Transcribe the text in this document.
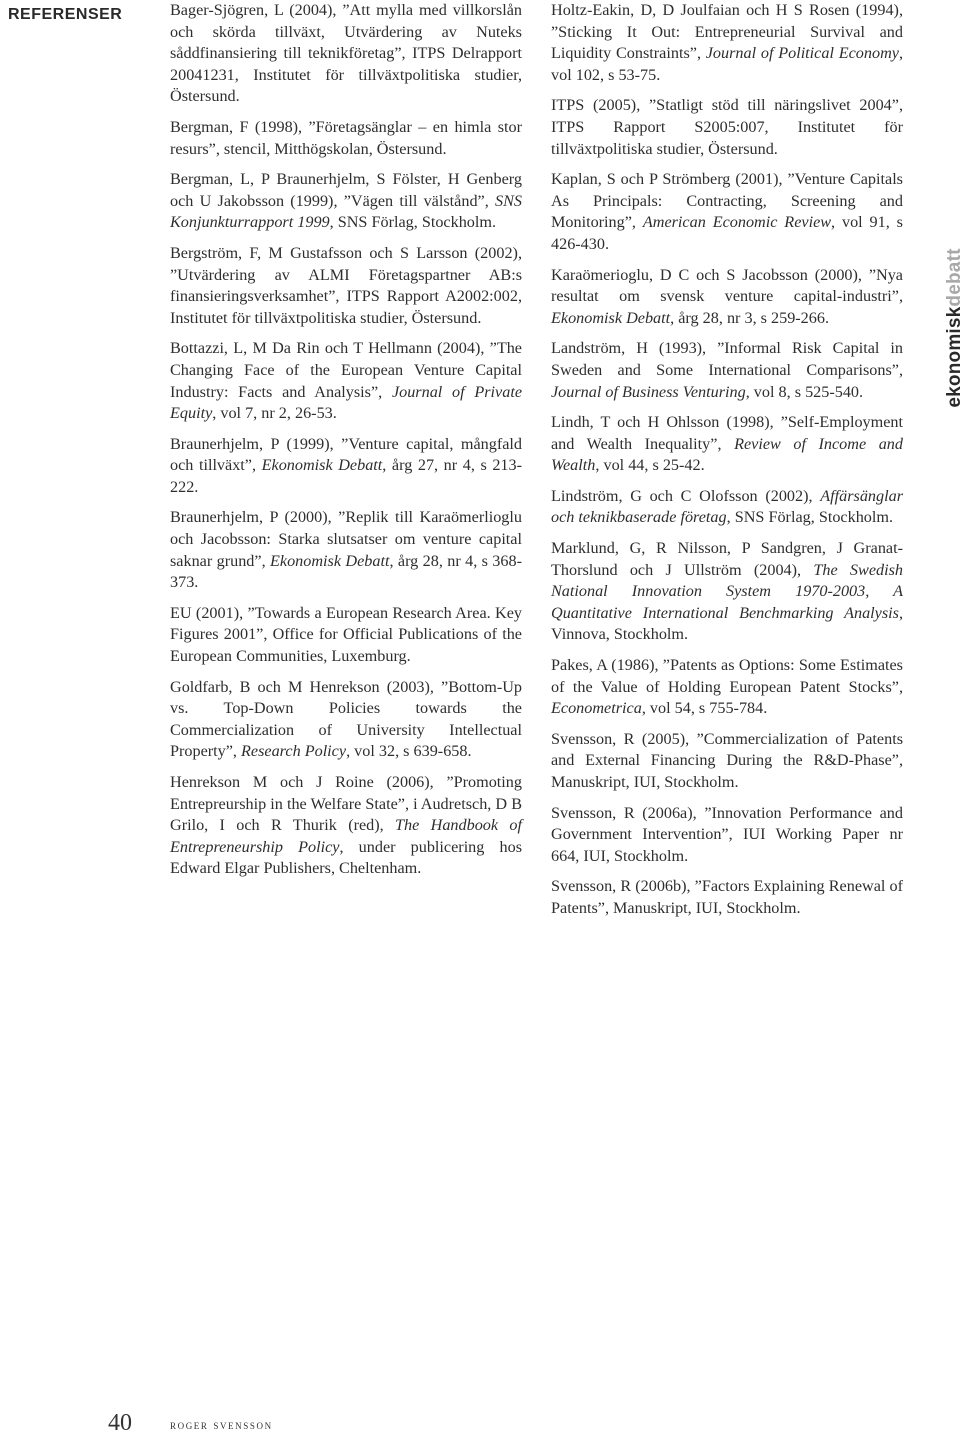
REFERENSER	Bager-Sjögren, L (2004), ”Att mylla med villkorslån och skörda tillväxt, Utvärdering av Nuteks såddfinansiering till teknikföretag”, ITPS Delrapport 20041231, Institutet för tillväxtpolitiska studier, Östersund.

Bergman, F (1998), ”Företagsänglar – en himla stor resurs”, stencil, Mitthögskolan, Östersund.

Bergman, L, P Braunerhjelm, S Fölster, H Genberg och U Jakobsson (1999), ”Vägen till välstånd”, SNS Konjunkturrapport 1999, SNS Förlag, Stockholm.

Bergström, F, M Gustafsson och S Larsson (2002), ”Utvärdering av ALMI Företagspartner AB:s finansieringsverksamhet”, ITPS Rapport A2002:002, Institutet för tillväxtpolitiska studier, Östersund.

Bottazzi, L, M Da Rin och T Hellmann (2004), ”The Changing Face of the European Venture Capital Industry: Facts and Analysis”, Journal of Private Equity, vol 7, nr 2, 26-53.

Braunerhjelm, P (1999), ”Venture capital, mångfald och tillväxt”, Ekonomisk Debatt, årg 27, nr 4, s 213-222.

Braunerhjelm, P (2000), ”Replik till Karaömerlioglu och Jacobsson: Starka slutsatser om venture capital saknar grund”, Ekonomisk Debatt, årg 28, nr 4, s 368-373.

EU (2001), ”Towards a European Research Area. Key Figures 2001”, Office for Official Publications of the European Communities, Luxemburg.

Goldfarb, B och M Henrekson (2003), ”Bottom-Up vs. Top-Down Policies towards the Commercialization of University Intellectual Property”, Research Policy, vol 32, s 639-658.

Henrekson M och J Roine (2006), ”Promoting Entrepreurship in the Welfare State”, i Audretsch, D B Grilo, I och R Thurik (red), The Handbook of Entrepreneurship Policy, under publicering hos Edward Elgar Publishers, Cheltenham.

Holtz-Eakin, D, D Joulfaian och H S Rosen (1994), ”Sticking It Out: Entrepreneurial Survival and Liquidity Constraints”, Journal of Political Economy, vol 102, s 53-75.

ITPS (2005), ”Statligt stöd till näringslivet 2004”, ITPS Rapport S2005:007, Institutet för tillväxtpolitiska studier, Östersund.

Kaplan, S och P Strömberg (2001), ”Venture Capitals As Principals: Contracting, Screening and Monitoring”, American Economic Review, vol 91, s 426-430.

Karaömerioglu, D C och S Jacobsson (2000), ”Nya resultat om svensk venture capital-industri”, Ekonomisk Debatt, årg 28, nr 3, s 259-266.

Landström, H (1993), ”Informal Risk Capital in Sweden and Some International Comparisons”, Journal of Business Venturing, vol 8, s 525-540.

Lindh, T och H Ohlsson (1998), ”Self-Employment and Wealth Inequality”, Review of Income and Wealth, vol 44, s 25-42.

Lindström, G och C Olofsson (2002), Affärsänglar och teknikbaserade företag, SNS Förlag, Stockholm.

Marklund, G, R Nilsson, P Sandgren, J Granat-Thorslund och J Ullström (2004), The Swedish National Innovation System 1970-2003, A Quantitative International Benchmarking Analysis, Vinnova, Stockholm.

Pakes, A (1986), ”Patents as Options: Some Estimates of the Value of Holding European Patent Stocks”, Econometrica, vol 54, s 755-784.

Svensson, R (2005), ”Commercialization of Patents and External Financing During the R&D-Phase”, Manuskript, IUI, Stockholm.

Svensson, R (2006a), ”Innovation Performance and Government Intervention”, IUI Working Paper nr 664, IUI, Stockholm.

Svensson, R (2006b), ”Factors Explaining Renewal of Patents”, Manuskript, IUI, Stockholm.

ekonomiskdebatt
40	roger svensson
